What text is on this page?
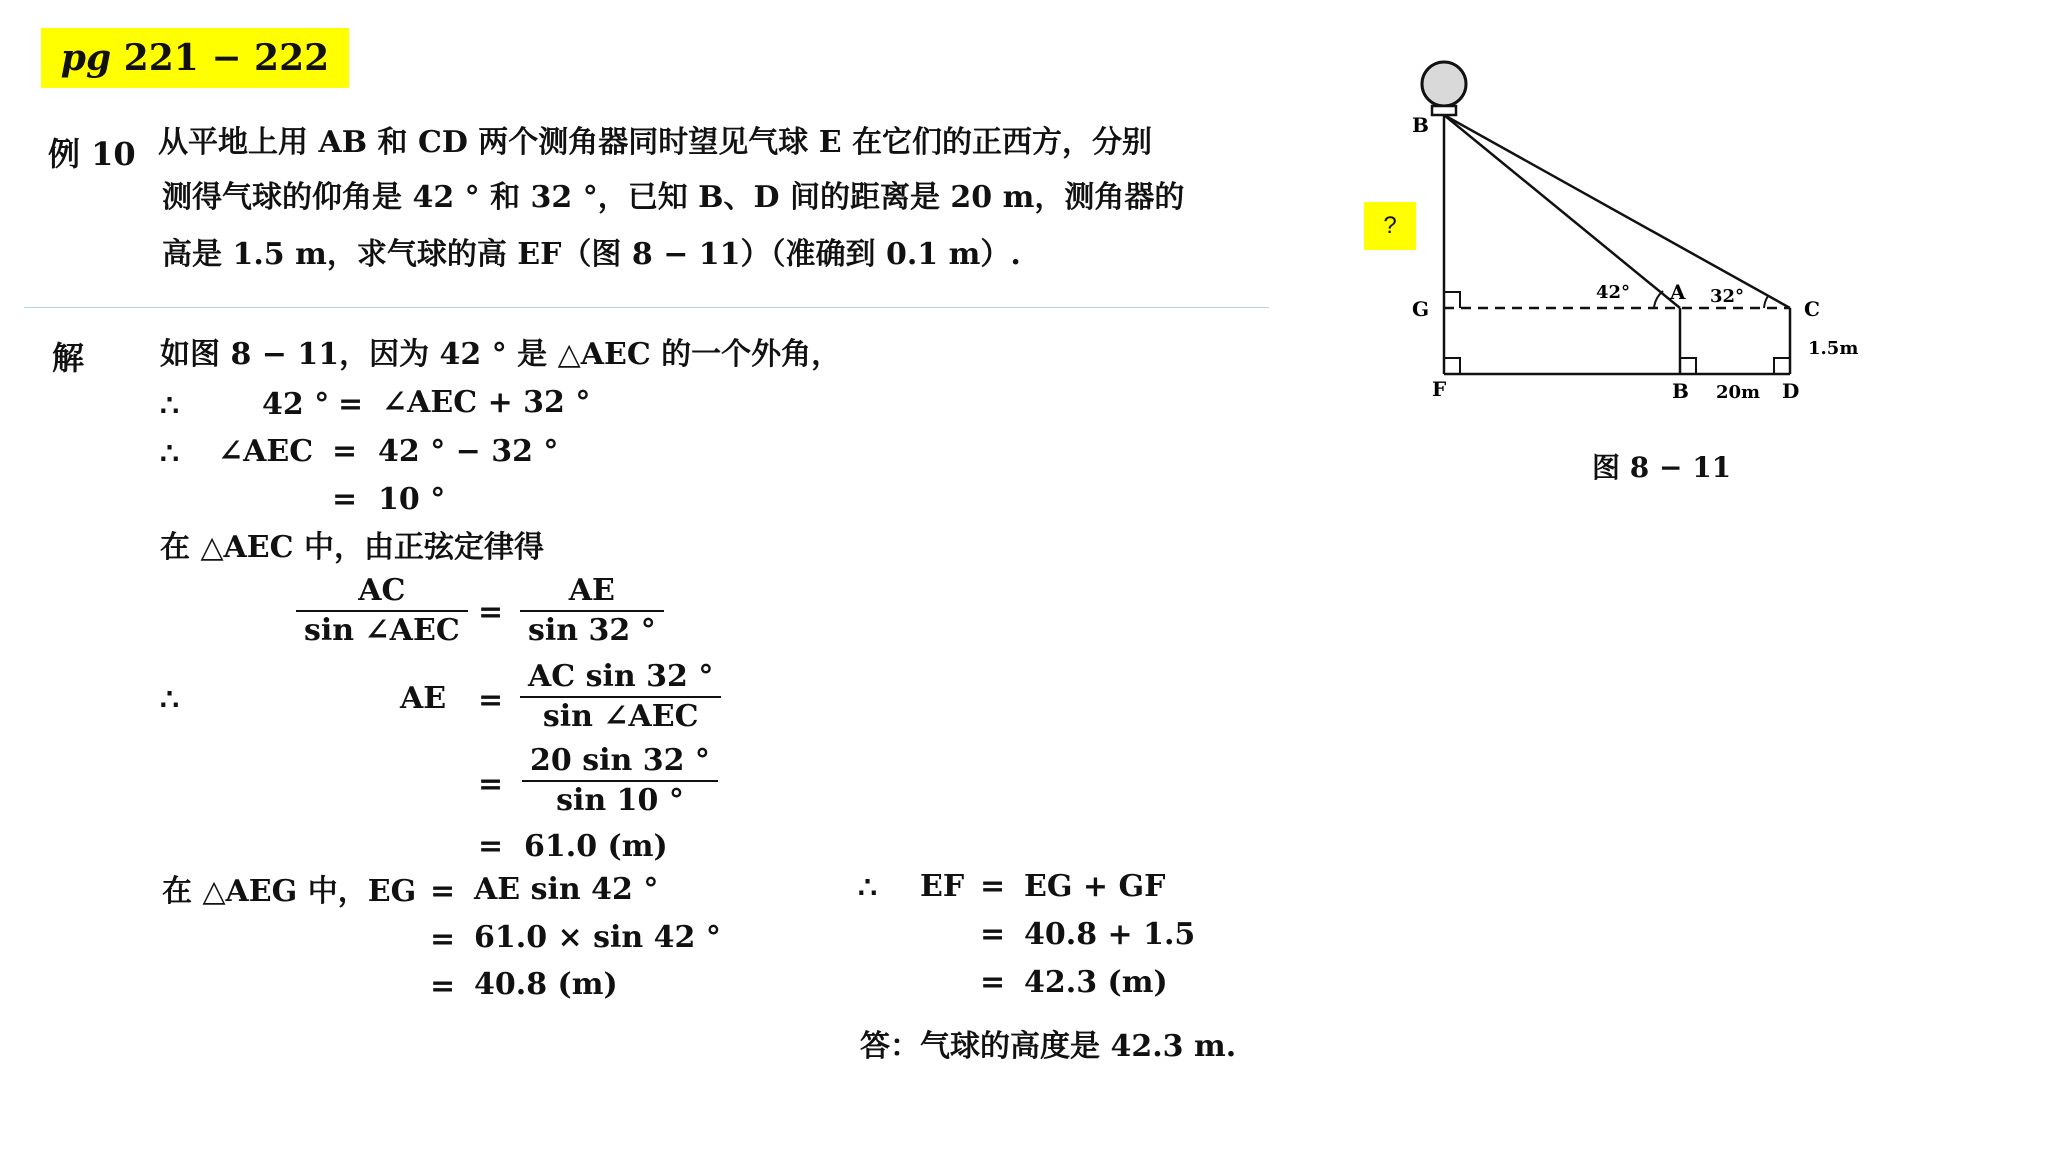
pg 221 − 222
例 10 从平地上用 AB 和 CD 两个测角器同时望见气球 E 在它们的正西方，分别
测得气球的仰角是 42 ° 和 32 °，已知 B、D 间的距离是 20 m，测角器的
高是 1.5 m，求气球的高 EF（图 8 − 11）（准确到 0.1 m）.
解	如图 8 − 11，因为 42 ° 是 △AEC 的一个外角，
∴	42 ° = ∠AEC + 32 °
∴ ∠AEC = 42 ° − 32 °
= 10 °
在 △AEC 中，由正弦定律得
AC
sin ∠AEC
= $\frac{AE}{\sin 32 ^\circ}$
∴	AE =
AC sin 32 °
sin ∠AEC
= $\frac{20 \sin 32 ^\circ}{\sin 10 ^\circ}$
= 61.0 (m)
在 △AEG 中，EG = AE sin 42 °
= 61.0 × sin 42 °
= 40.8 (m)
∴ EF = EG + GF
= 40.8 + 1.5
= 42.3 (m)
答：气球的高度是 42.3 m.
?
B
G
F
A
B
C
D
42°	32°
1.5m
20m
图 8 − 11
